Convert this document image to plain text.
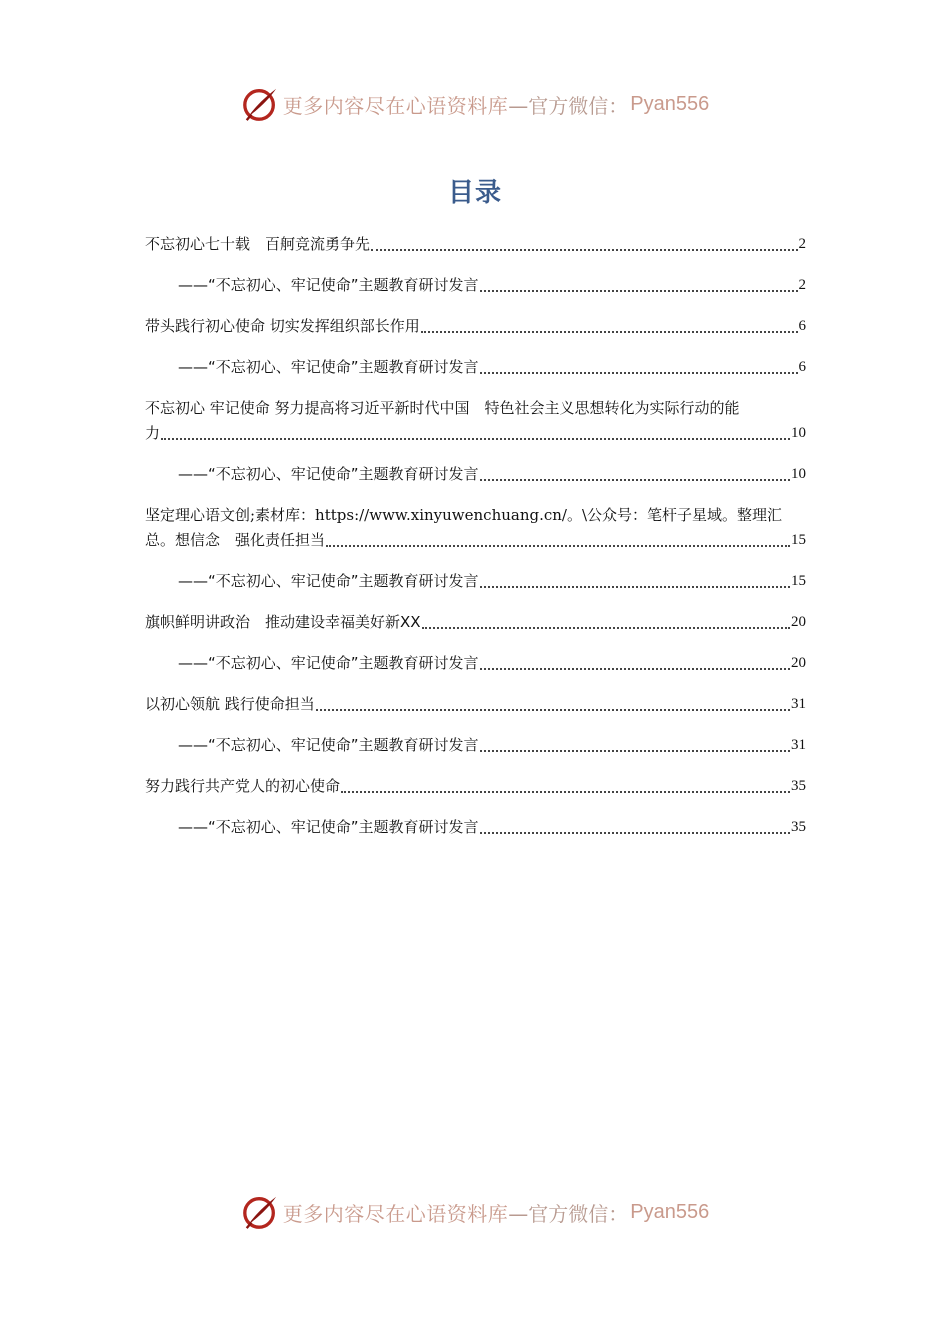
更多内容尽在心语资料库 —官方微信： Pyan556
目录
不忘初心七十载　百舸竞流勇争先	2
——“不忘初心、牢记使命”主题教育研讨发言	2
带头践行初心使命 切实发挥组织部长作用	6
——“不忘初心、牢记使命”主题教育研讨发言	6
不忘初心 牢记使命 努力提高将习近平新时代中国　特色社会主义思想转化为实际行动的能
力	10
——“不忘初心、牢记使命”主题教育研讨发言	10
坚定理心语文创;素材库：https://www.xinyuwenchuang.cn/。\公众号：笔杆子星域。整理汇
总。想信念　强化责任担当	15
——“不忘初心、牢记使命”主题教育研讨发言	15
旗帜鲜明讲政治　推动建设幸福美好新XX	20
——“不忘初心、牢记使命”主题教育研讨发言	20
以初心领航 践行使命担当	31
——“不忘初心、牢记使命”主题教育研讨发言	31
努力践行共产党人的初心使命	35
——“不忘初心、牢记使命”主题教育研讨发言	35
更多内容尽在心语资料库 —官方微信： Pyan556
